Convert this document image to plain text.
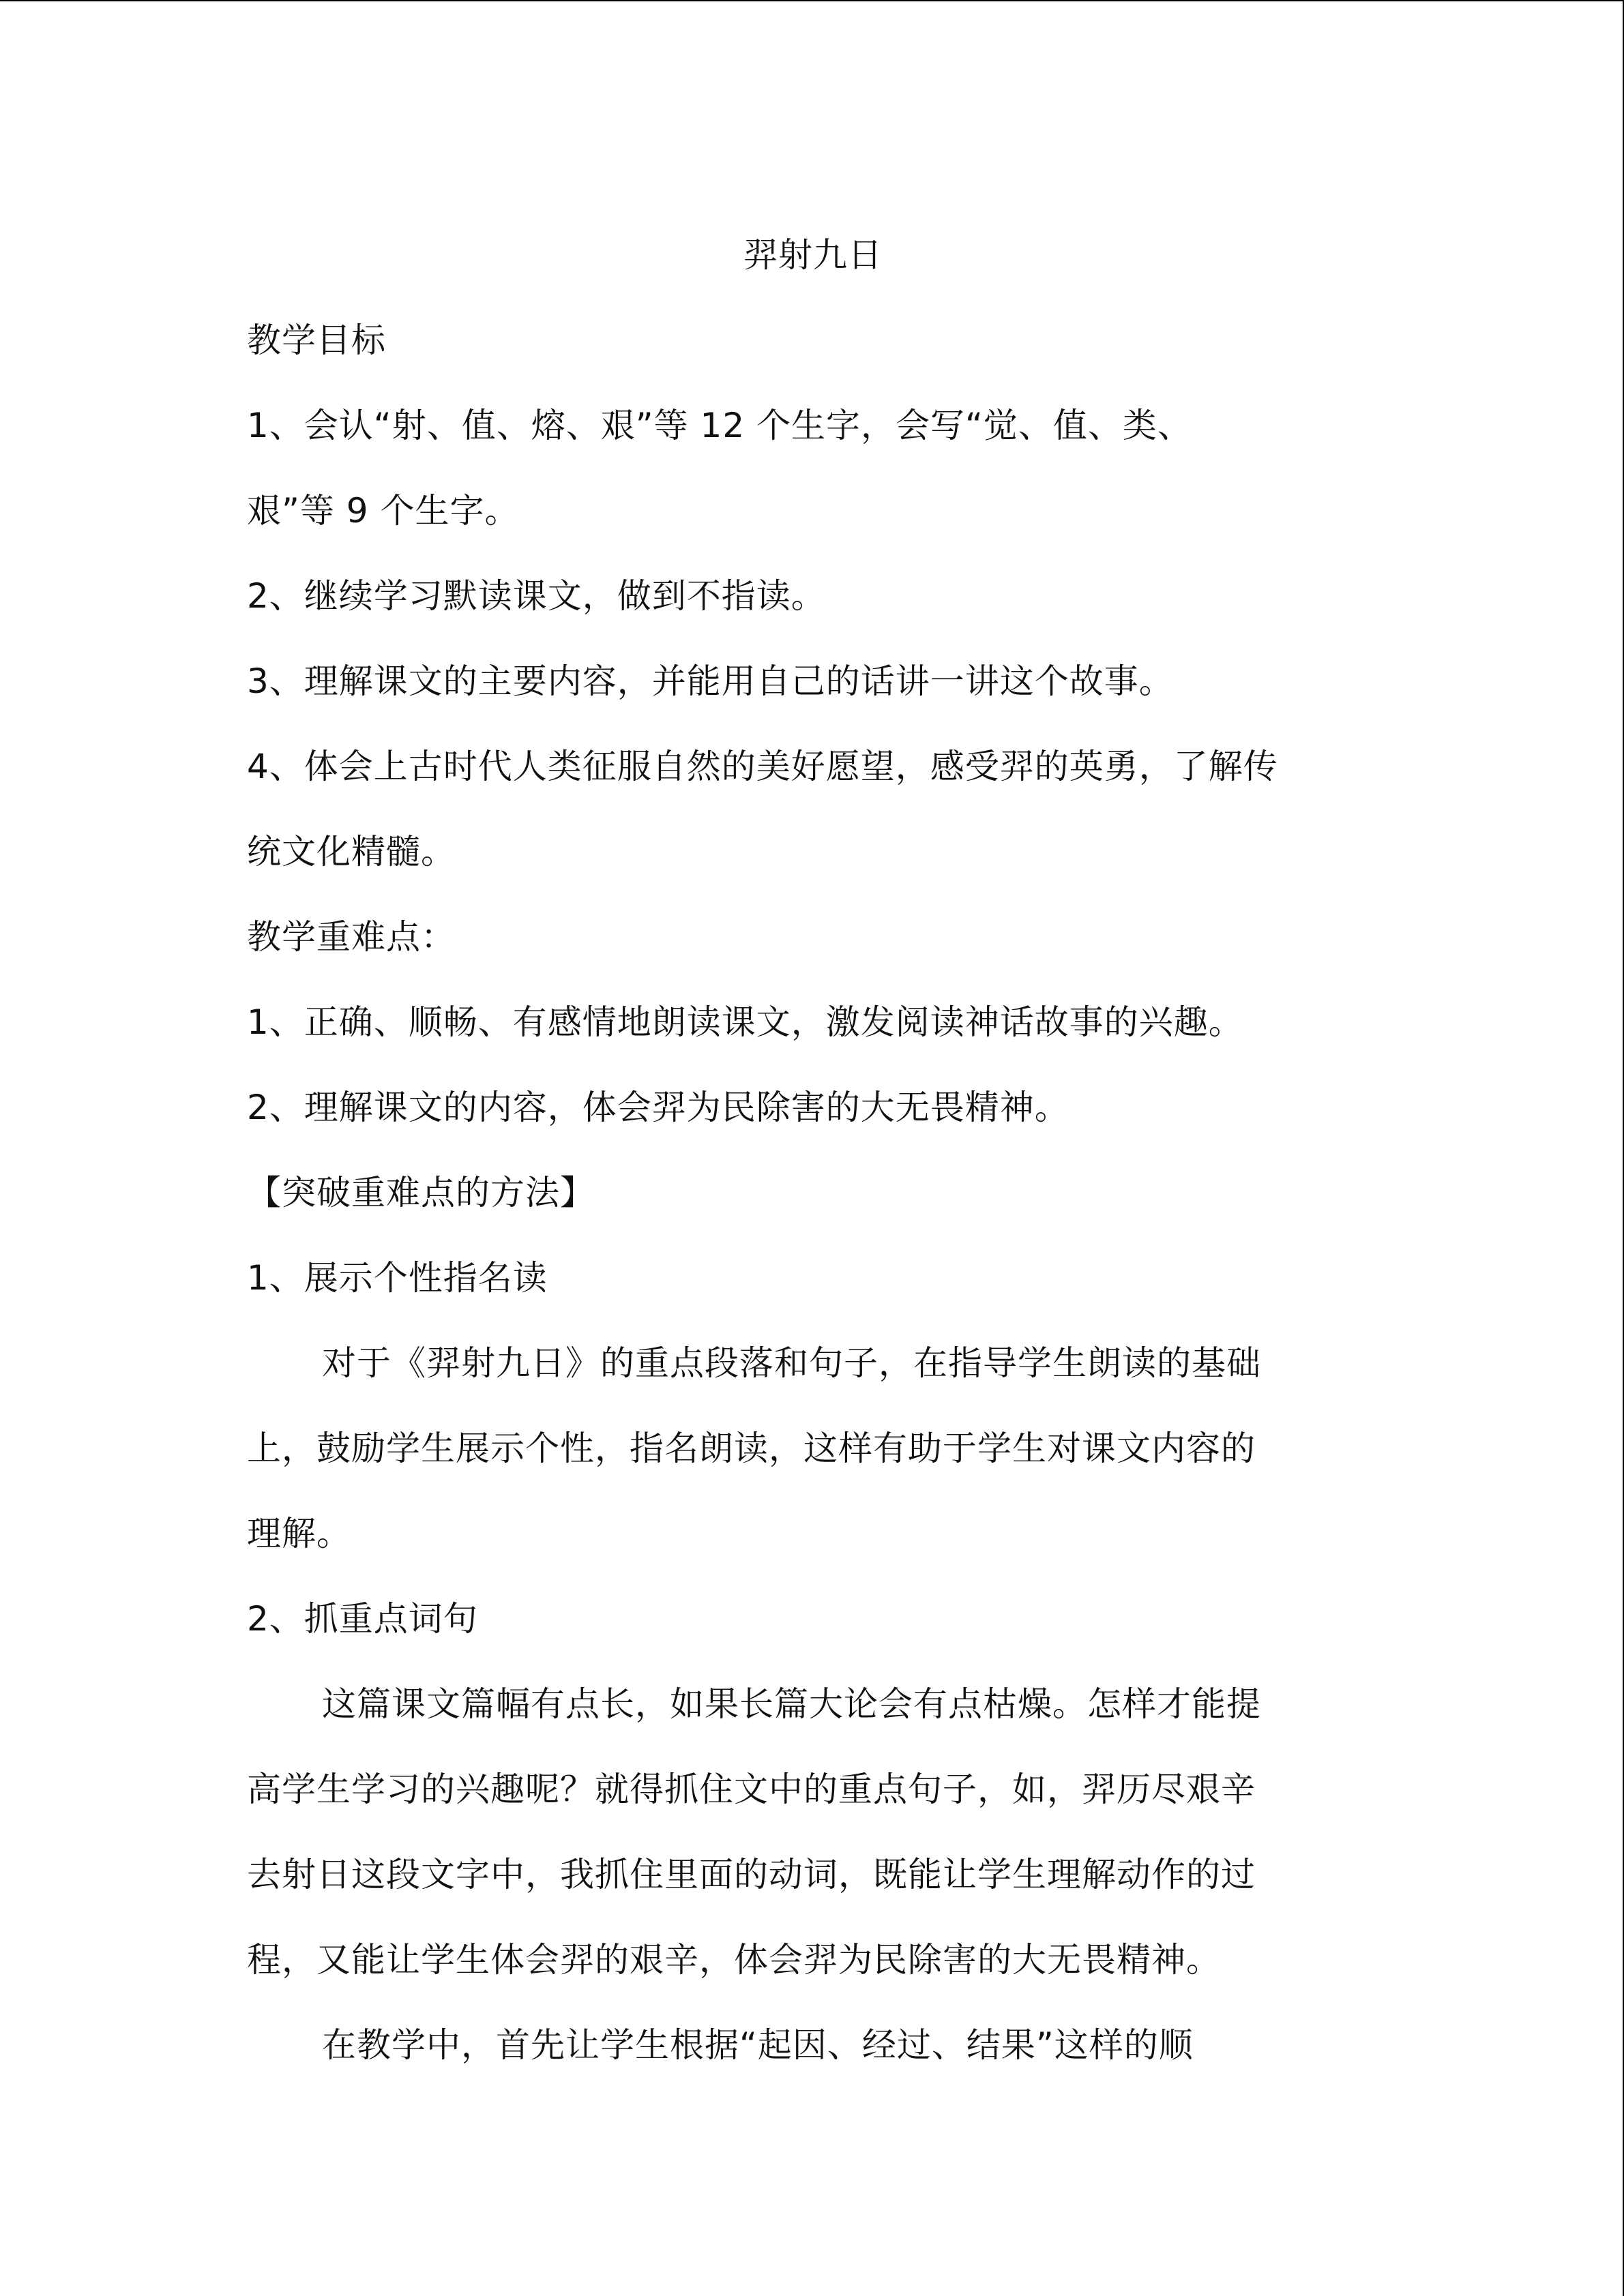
羿射九日
教学目标
1、会认“射、值、熔、艰”等 12 个生字，会写“觉、值、类、
艰”等 9 个生字。
2、继续学习默读课文，做到不指读。
3、理解课文的主要内容，并能用自己的话讲一讲这个故事。
4、体会上古时代人类征服自然的美好愿望，感受羿的英勇，了解传
统文化精髓。
教学重难点：
1、正确、顺畅、有感情地朗读课文，激发阅读神话故事的兴趣。
2、理解课文的内容，体会羿为民除害的大无畏精神。
【突破重难点的方法】
1、展示个性指名读
对于《羿射九日》的重点段落和句子，在指导学生朗读的基础
上，鼓励学生展示个性，指名朗读，这样有助于学生对课文内容的
理解。
2、抓重点词句
这篇课文篇幅有点长，如果长篇大论会有点枯燥。怎样才能提
高学生学习的兴趣呢？就得抓住文中的重点句子，如，羿历尽艰辛
去射日这段文字中，我抓住里面的动词，既能让学生理解动作的过
程，又能让学生体会羿的艰辛，体会羿为民除害的大无畏精神。
在教学中，首先让学生根据“起因、经过、结果”这样的顺
